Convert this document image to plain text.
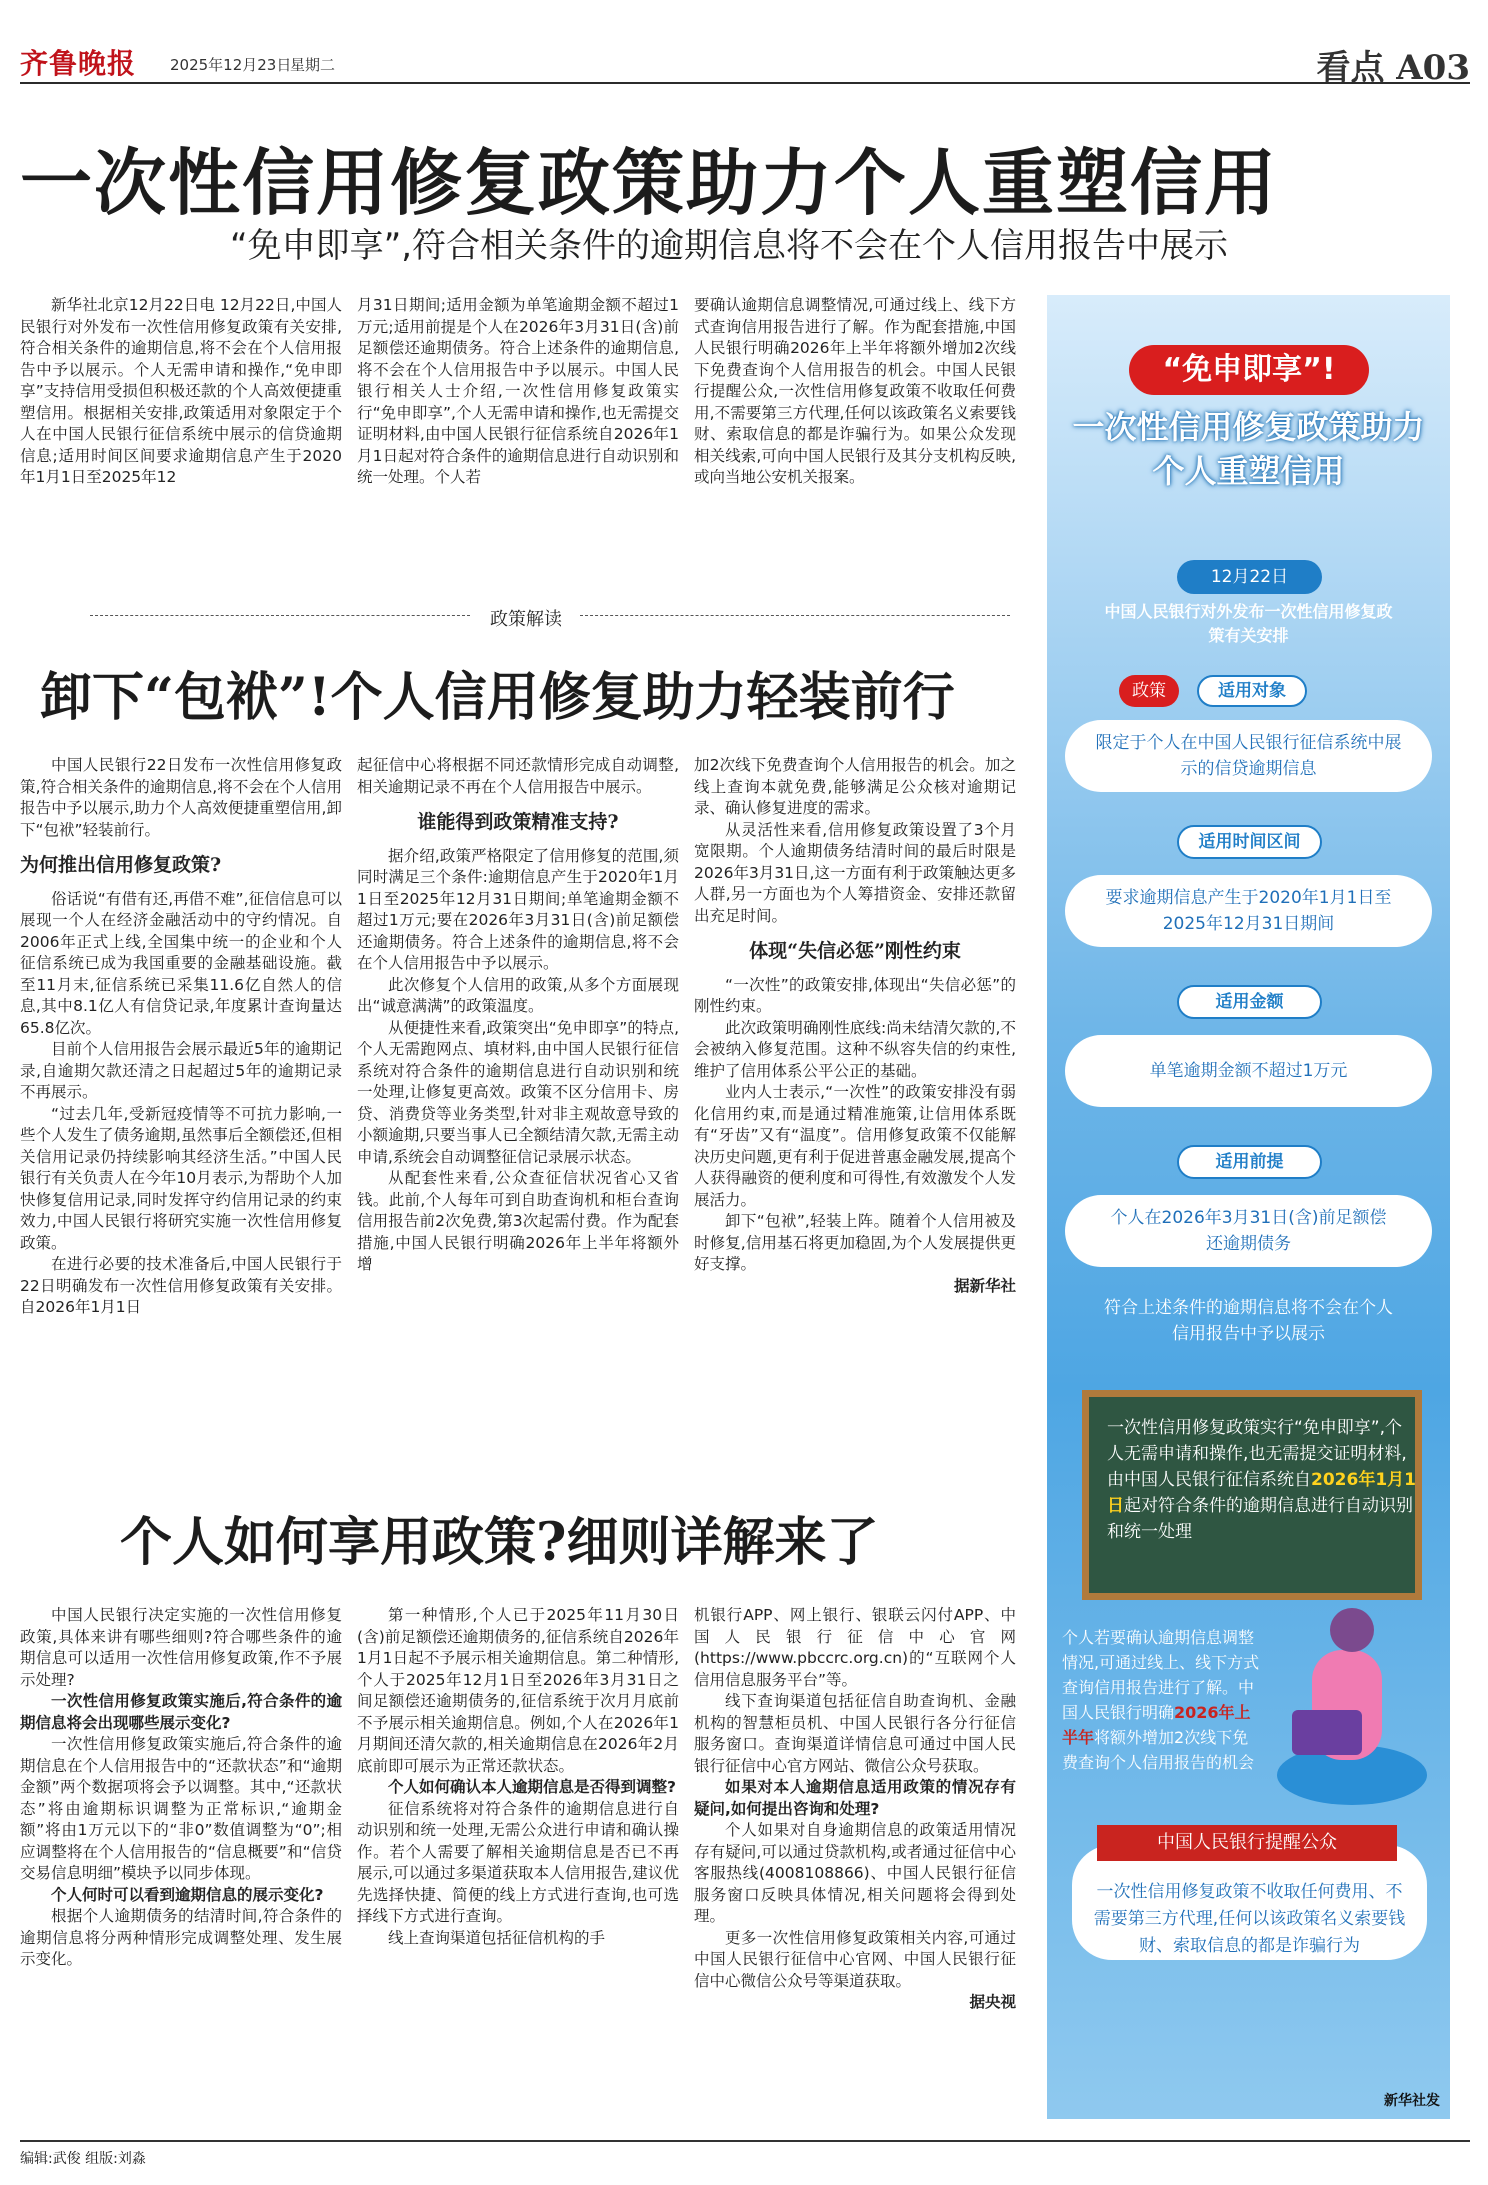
齐鲁晚报 2025年12月23日
星期二	看点 A03
一次性信用修复政策助力个人重塑信用
“免申即享”,符合相关条件的逾期信息将不会在个人信用报告中展示

新华社北京12月22日电 12月22日,中国人民银行对外发布一次性信用修复政策有关安排,符合相关条件的逾期信息,将不会在个人信用报告中予以展示。个人无需申请和操作,“免申即享”支持信用受损但积极还款的个人高效便捷重塑信用。根据相关安排,政策适用对象限定于个人在中国人民银行征信系统中展示的信贷逾期信息;适用时间区间要求逾期信息产生于2020年1月1日至2025年12

月31日期间;适用金额为单笔逾期金额不超过1万元;适用前提是个人在2026年3月31日(含)前足额偿还逾期债务。符合上述条件的逾期信息,将不会在个人信用报告中予以展示。中国人民银行相关人士介绍,一次性信用修复政策实行“免申即享”,个人无需申请和操作,也无需提交证明材料,由中国人民银行征信系统自2026年1月1日起对符合条件的逾期信息进行自动识别和统一处理。个人若

要确认逾期信息调整情况,可通过线上、线下方式查询信用报告进行了解。作为配套措施,中国人民银行明确2026年上半年将额外增加2次线下免费查询个人信用报告的机会。中国人民银行提醒公众,一次性信用修复政策不收取任何费用,不需要第三方代理,任何以该政策名义索要钱财、索取信息的都是诈骗行为。如果公众发现相关线索,可向中国人民银行及其分支机构反映,或向当地公安机关报案。

政策解读
卸下“包袱”!个人信用修复助力轻装前行

中国人民银行22日发布一次性信用修复政策,符合相关条件的逾期信息,将不会在个人信用报告中予以展示,助力个人高效便捷重塑信用,卸下“包袱”轻装前行。

为何推出信用修复政策?

俗话说“有借有还,再借不难”,征信信息可以展现一个人在经济金融活动中的守约情况。自2006年正式上线,全国集中统一的企业和个人征信系统已成为我国重要的金融基础设施。截至11月末,征信系统已采集11.6亿自然人的信息,其中8.1亿人有信贷记录,年度累计查询量达65.8亿次。

目前个人信用报告会展示最近5年的逾期记录,自逾期欠款还清之日起超过5年的逾期记录不再展示。

“过去几年,受新冠疫情等不可抗力影响,一些个人发生了债务逾期,虽然事后全额偿还,但相关信用记录仍持续影响其经济生活。”中国人民银行有关负责人在今年10月表示,为帮助个人加快修复信用记录,同时发挥守约信用记录的约束效力,中国人民银行将研究实施一次性信用修复政策。

在进行必要的技术准备后,中国人民银行于22日明确发布一次性信用修复政策有关安排。自2026年1月1日

起征信中心将根据不同还款情形完成自动调整,相关逾期记录不再在个人信用报告中展示。

谁能得到政策精准支持?

据介绍,政策严格限定了信用修复的范围,须同时满足三个条件:逾期信息产生于2020年1月1日至2025年12月31日期间;单笔逾期金额不超过1万元;要在2026年3月31日(含)前足额偿还逾期债务。符合上述条件的逾期信息,将不会在个人信用报告中予以展示。

此次修复个人信用的政策,从多个方面展现出“诚意满满”的政策温度。

从便捷性来看,政策突出“免申即享”的特点,个人无需跑网点、填材料,由中国人民银行征信系统对符合条件的逾期信息进行自动识别和统一处理,让修复更高效。政策不区分信用卡、房贷、消费贷等业务类型,针对非主观故意导致的小额逾期,只要当事人已全额结清欠款,无需主动申请,系统会自动调整征信记录展示状态。

从配套性来看,公众查征信状况省心又省钱。此前,个人每年可到自助查询机和柜台查询信用报告前2次免费,第3次起需付费。作为配套措施,中国人民银行明确2026年上半年将额外增

加2次线下免费查询个人信用报告的机会。加之线上查询本就免费,能够满足公众核对逾期记录、确认修复进度的需求。

从灵活性来看,信用修复政策设置了3个月宽限期。个人逾期债务结清时间的最后时限是2026年3月31日,这一方面有利于政策触达更多人群,另一方面也为个人筹措资金、安排还款留出充足时间。

体现“失信必惩”刚性约束

“一次性”的政策安排,体现出“失信必惩”的刚性约束。

此次政策明确刚性底线:尚未结清欠款的,不会被纳入修复范围。这种不纵容失信的约束性,维护了信用体系公平公正的基础。

业内人士表示,“一次性”的政策安排没有弱化信用约束,而是通过精准施策,让信用体系既有“牙齿”又有“温度”。信用修复政策不仅能解决历史问题,更有利于促进普惠金融发展,提高个人获得融资的便利度和可得性,有效激发个人发展活力。

卸下“包袱”,轻装上阵。随着个人信用被及时修复,信用基石将更加稳固,为个人发展提供更好支撑。

据新华社
个人如何享用政策?细则详解来了

中国人民银行决定实施的一次性信用修复政策,具体来讲有哪些细则?符合哪些条件的逾期信息可以适用一次性信用修复政策,作不予展示处理?

一次性信用修复政策实施后,符合条件的逾期信息将会出现哪些展示变化?

一次性信用修复政策实施后,符合条件的逾期信息在个人信用报告中的“还款状态”和“逾期金额”两个数据项将会予以调整。其中,“还款状态”将由逾期标识调整为正常标识,“逾期金额”将由1万元以下的“非0”数值调整为“0”;相应调整将在个人信用报告的“信息概要”和“信贷交易信息明细”模块予以同步体现。

个人何时可以看到逾期信息的展示变化?

根据个人逾期债务的结清时间,符合条件的逾期信息将分两种情形完成调整处理、发生展示变化。

第一种情形,个人已于2025年11月30日(含)前足额偿还逾期债务的,征信系统自2026年1月1日起不予展示相关逾期信息。第二种情形,个人于2025年12月1日至2026年3月31日之间足额偿还逾期债务的,征信系统于次月月底前不予展示相关逾期信息。例如,个人在2026年1月期间还清欠款的,相关逾期信息在2026年2月底前即可展示为正常还款状态。

个人如何确认本人逾期信息是否得到调整?

征信系统将对符合条件的逾期信息进行自动识别和统一处理,无需公众进行申请和确认操作。若个人需要了解相关逾期信息是否已不再展示,可以通过多渠道获取本人信用报告,建议优先选择快捷、简便的线上方式进行查询,也可选择线下方式进行查询。

线上查询渠道包括征信机构的手

机银行APP、网上银行、银联云闪付APP、中国人民银行征信中心官网(https://www.pbccrc.org.cn)的“互联网个人信用信息服务平台”等。

线下查询渠道包括征信自助查询机、金融机构的智慧柜员机、中国人民银行各分行征信服务窗口。查询渠道详情信息可通过中国人民银行征信中心官方网站、微信公众号获取。

如果对本人逾期信息适用政策的情况存有疑问,如何提出咨询和处理?

个人如果对自身逾期信息的政策适用情况存有疑问,可以通过贷款机构,或者通过征信中心客服热线(4008108866)、中国人民银行征信服务窗口反映具体情况,相关问题将会得到处理。

更多一次性信用修复政策相关内容,可通过中国人民银行征信中心官网、中国人民银行征信中心微信公众号等渠道获取。

据央视
“免申即享”!
一次性信用修复政策助力个人重塑信用
12月22日
中国人民银行对外发布一次性信用修复政策有关安排
政策	适用对象
限定于个人在中国人民银行征信系统中展示的信贷逾期信息
适用时间区间
要求逾期信息产生于2020年1月1日至2025年12月31日期间
适用金额
单笔逾期金额不超过1万元
适用前提
个人在2026年3月31日(含)前足额偿还逾期债务
符合上述条件的逾期信息将不会在个人信用报告中予以展示
一次性信用修复政策实行“免申即享”,个人无需申请和操作,也无需提交证明材料,由中国人民银行征信系统自2026年1月1日起对符合条件的逾期信息进行自动识别和统一处理
个人若要确认逾期信息调整情况,可通过线上、线下方式查询信用报告进行了解。中国人民银行明确2026年上半年将额外增加2次线下免费查询个人信用报告的机会
一次性信用修复政策不收取任何费用、不需要第三方代理,任何以该政策名义索要钱财、索取信息的都是诈骗行为
中国人民银行提醒公众
新华社发
编辑:武俊 组版:刘淼
